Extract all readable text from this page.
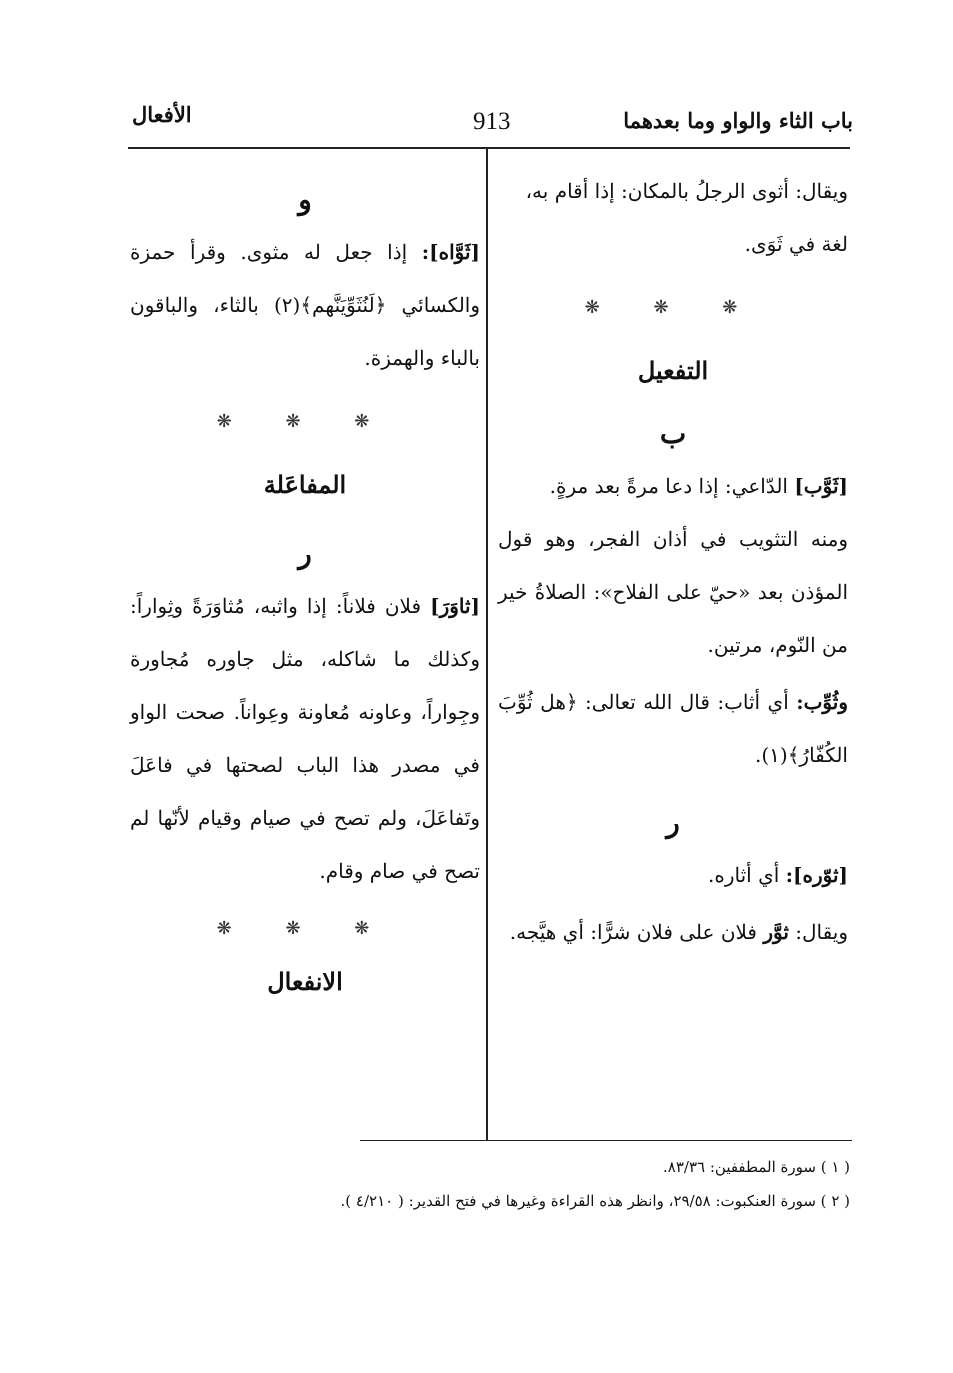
باب الثاء والواو وما بعدهما
913
الأفعال

ويقال: أثوى الرجلُ بالمكان: إذا أقام به،

لغة في ثَوَى.

❋ ❋ ❋

التفعيل

ب

[ثَوَّب] الدّاعي: إذا دعا مرةً بعد مرةٍ.

ومنه التثويب في أذان الفجر، وهو قول المؤذن بعد «حيّ على الفلاح»: الصلاةُ خير من النّوم، مرتين.

وثُوِّب: أي أثاب: قال الله تعالى: ﴿هل ثُوِّبَ الكُفّارُ﴾(١).

ر

[ثوّره]: أي أثاره.

ويقال: ثوَّر فلان على فلان شرًّا: أي هيَّجه.

و

[ثَوَّاه]: إذا جعل له مثوى. وقرأ حمزة والكسائي ﴿لَنُثَوِّيَنَّهم﴾(٢) بالثاء، والباقون بالباء والهمزة.

❋ ❋ ❋

المفاعَلة

ر

[ثاوَرَ] فلان فلاناً: إذا واثبه، مُثاوَرَةً وثِواراً: وكذلك ما شاكله، مثل جاوره مُجاورة وجِواراً، وعاونه مُعاونة وعِواناً. صحت الواو في مصدر هذا الباب لصحتها في فاعَلَ وتَفاعَلَ، ولم تصح في صيام وقيام لأنّها لم تصح في صام وقام.

❋ ❋ ❋

الانفعال

( ١ ) سورة المطففين: ٨٣/٣٦.

( ٢ ) سورة العنكبوت: ٢٩/٥٨، وانظر هذه القراءة وغيرها في فتح القدير: ( ٤/٢١٠ ).
